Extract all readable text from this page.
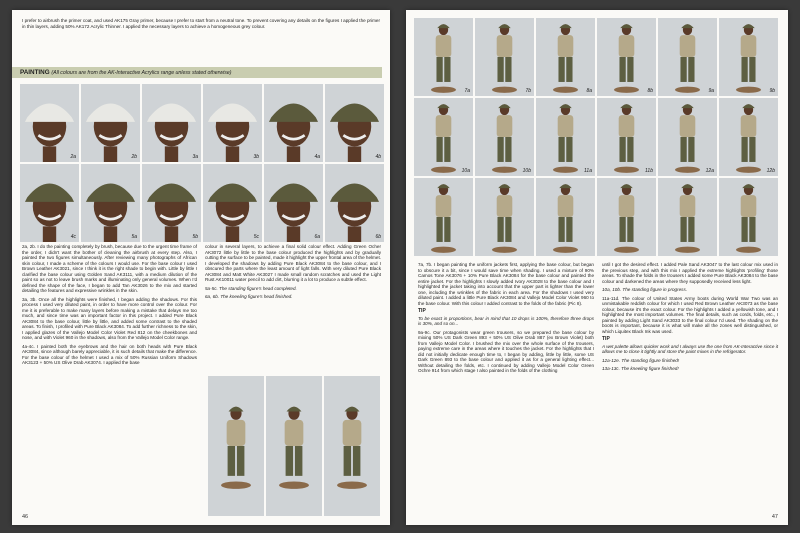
I prefer to airbrush the primer coat, and used AK175 Gray primer, because I prefer to start from a neutral tone. To prevent covering any details on the figures I applied the primer in thin layers, adding 50% AK172 Acrylic Thinner. I applied the necessary layers to achieve a homogeneous grey colour.
PAINTING (All colours are from the AK-Interactive Acrylics range unless stated otherwise)

2a, 2b. I do the painting completely by brush, because due to the urgent time frame of the order, I didn't want the bother of cleaning the airbrush at every step. Also, I painted the two figures simultaneously. After reviewing many photographs of African skin colour, I made a scheme of the colours I would use. For the base colour I used Brown Leather AK3021, since I think it is the right shade to begin with. Little by little I clarified the base colour using Golden Sand AK3111, with a medium dilution of the paint so as not to leave brush marks and illuminating only general volumes. When I'd defined the shape of the face, I began to add Tan AK3026 to the mix and started detailing the features and expressive wrinkles in the skin.

3a, 3b. Once all the highlights were finished, I began adding the shadows. For this process I used very diluted paint, in order to have more control over the colour. For me it is preferable to make many layers before making a mistake that delays me too much, and since time was an important factor in this project. I added Pure Black AK3084 to the base colour, little by little, and added some contrast to the shaded areas. To finish, I profiled with Pure Black AK3084. To add further richness to the skin, I applied glazes of the Vallejo Model Color Violet Red 812 on the cheekbones and nose, and with Violet 960 in the shadows, also from the Vallejo Model Color range.

4a-4c. I painted both the eyebrows and the hair on both heads with Pure Black AK3084, since although barely appreciable, it is such details that make the difference. For the base colour of the helmet I used a mix of 50% Russian Uniform Shadows AK3123 + 50% US Olive Drab AK3074. I applied the base

colour in several layers, to achieve a final solid colour effect. Adding Green Ocher AK3072 little by little to the base colour produced the highlights and by gradually cutting the surface to be painted, made it highlight the upper frontal area of the helmet. I developed the shadows by adding Pure Black AK3084 to the base colour, and I obscured the parts where the least amount of light falls. With very diluted Pure Black AK3084 and Matt White AK3027 I made small random scratches and used the Light Rust AK10011 water pencil to add dirt, blurring it a lot to produce a subtle effect.

5a-5c. The standing figure's head completed.

6a, 6b. The kneeling figure's head finished.

46
2a	2b	3a	3b	4a	4b
4c	5a	5b	5c	6a	6b

7a, 7b. I began painting the uniform jackets first, applying the base colour, but began to obscure it a bit, since I would save time when shading. I used a mixture of 90% Camos Tone AK3076 + 10% Pure Black AK3084 for the base colour and painted the entire jacket. For the highlights I slowly added Ivory AK3028 to the base colour and I highlighted the jacket taking into account that the upper part is lighter than the lower one, including the wrinkles of the fabric in each area. For the shadows I used very diluted paint. I added a little Pure Black AK3084 and Vallejo Model Color Violet 960 to the base colour. With this colour I added contrast to the folds of the fabric (Pic 8).

TIP

To be exact in proportions, bear in mind that 10 drops is 100%, therefore three drops is 30%, and so on...

9a-9c. Our protagonists wear green trousers, so we prepared the base colour by mixing 50% US Dark Green 893 + 50% US Olive Drab 887 (ex Brown Violet) both from Vallejo Model Color. I brushed the mix over the whole surface of the trousers, paying extreme care in the areas where it touches the jacket. For the highlights that I did not initially dedicate enough time to, I began by adding, little by little, some US Dark Green 893 to the base colour and applied it as for a general lighting effect... Without detailing the folds, etc. I continued by adding Vallejo Model Color Green Ochre 914 from which stage I also painted in the folds of the clothing

until I got the desired effect. I added Pale Sand AK3047 to the last colour mix used in the previous step, and with this mix I applied the extreme highlights 'profiling' those areas. To shade the folds in the trousers I added some Pure Black AK3084 to the base colour and darkened the areas where they supposedly received less light.

10a, 10b. The standing figure in progress.

11a-11d. The colour of United States Army boots during World War Two was an unmistakable reddish colour for which I used Red Brown Leather AK3073 as the base colour, because it's the exact colour. For the highlights I added a yellowish tone, and I highlighted the most important volumes. The final details, such as cords, folds, etc., I painted by adding Light Sand AK3033 to the final colour I'd used. The shading on the boots is important, because it is what will make all the zones well distinguished, or which Liquitex Black Ink was used.

TIP

A wet palette allows quicker work and I always use the one from AK-Interactive since it allows me to close it tightly and store the paint mixes in the refrigerator.

12a-12e. The standing figure finished!

13a-13c. The kneeling figure finished!

47
7a	7b	8a	8b	9a	9b
10a	10b	11a	11b	12a	12b
